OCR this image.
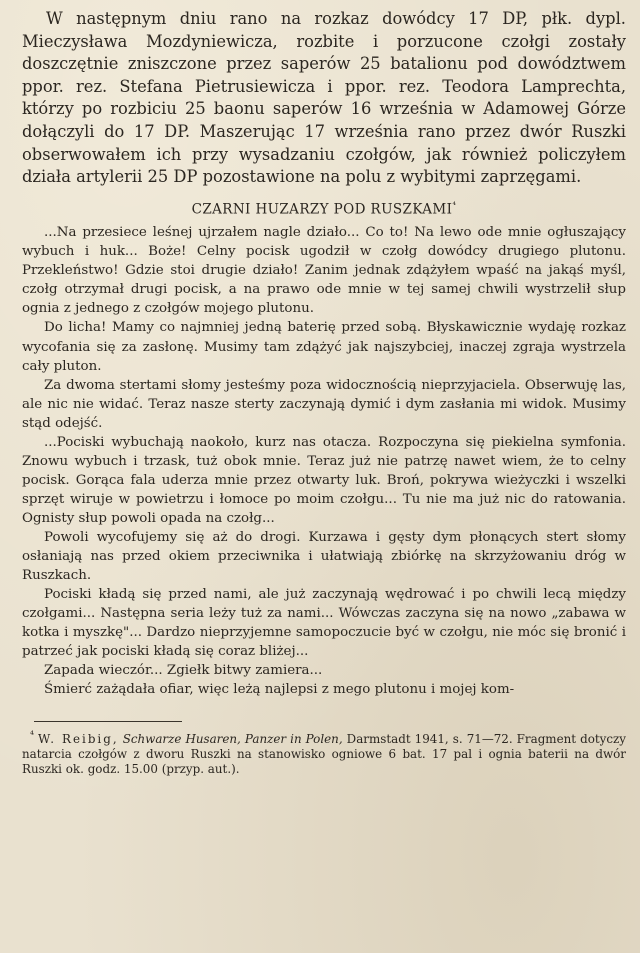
W następnym dniu rano na rozkaz dowódcy 17 DP, płk. dypl. Mieczysława Mozdyniewicza, rozbite i porzucone czołgi zostały doszczętnie zniszczone przez saperów 25 batalionu pod dowództwem ppor. rez. Stefana Pietrusiewicza i ppor. rez. Teodora Lamprechta, którzy po rozbiciu 25 baonu saperów 16 września w Adamowej Górze dołączyli do 17 DP. Maszerując 17 września rano przez dwór Ruszki obserwowałem ich przy wysadzaniu czołgów, jak również policzyłem działa artylerii 25 DP pozostawione na polu z wybitymi zaprzęgami.

CZARNI HUZARZY POD $RUSZKAMI^{^4}$

...Na przesiece leśnej ujrzałem nagle działo... Co to! Na lewo ode mnie ogłuszający wybuch i huk... Boże! Celny pocisk ugodził w czołg dowódcy drugiego plutonu. Przekleństwo! Gdzie stoi drugie działo! Zanim jednak zdążyłem wpaść na jakąś myśl, czołg otrzymał drugi pocisk, a na prawo ode mnie w tej samej chwili wystrzelił słup ognia z jednego z czołgów mojego plutonu.

Do licha! Mamy co najmniej jedną baterię przed sobą. Błyskawicznie wydaję rozkaz wycofania się za zasłonę. Musimy tam zdążyć jak najszybciej, inaczej zgraja wystrzela cały pluton.

Za dwoma stertami słomy jesteśmy poza widocznością nieprzyjaciela. Obserwuję las, ale nic nie widać. Teraz nasze sterty zaczynają dymić i dym zasłania mi widok. Musimy stąd odejść.

...Pociski wybuchają naokoło, kurz nas otacza. Rozpoczyna się piekielna symfonia. Znowu wybuch i trzask, tuż obok mnie. Teraz już nie patrzę nawet wiem, że to celny pocisk. Gorąca fala uderza mnie przez otwarty luk. Broń, pokrywa wieżyczki i wszelki sprzęt wiruje w powietrzu i łomoce po moim czołgu... Tu nie ma już nic do ratowania. Ognisty słup powoli opada na czołg...

Powoli wycofujemy się aż do drogi. Kurzawa i gęsty dym płonących stert słomy osłaniają nas przed okiem przeciwnika i ułatwiają zbiórkę na skrzyżowaniu dróg w Ruszkach.

Pociski kładą się przed nami, ale już zaczynają wędrować i po chwili lecą między czołgami... Następna seria leży tuż za nami... Wówczas zaczyna się na nowo „zabawa w kotka i myszkę"... Dardzo nieprzyjemne samopoczucie być w czołgu, nie móc się bronić i patrzeć jak pociski kładą się coraz bliżej...

Zapada wieczór... Zgiełk bitwy zamiera...

Śmierć zażądała ofiar, więc leżą najlepsi z mego plutonu i mojej kom-

$^{^4}$ W. Reibig, Schwarze Husaren, Panzer in Polen, Darmstadt 1941, s. 71—72. Fragment dotyczy natarcia czołgów z dworu Ruszki na stanowisko ogniowe 6 bat. 17 pal i ognia baterii na dwór Ruszki ok. godz. 15.00 (przyp. aut.).
